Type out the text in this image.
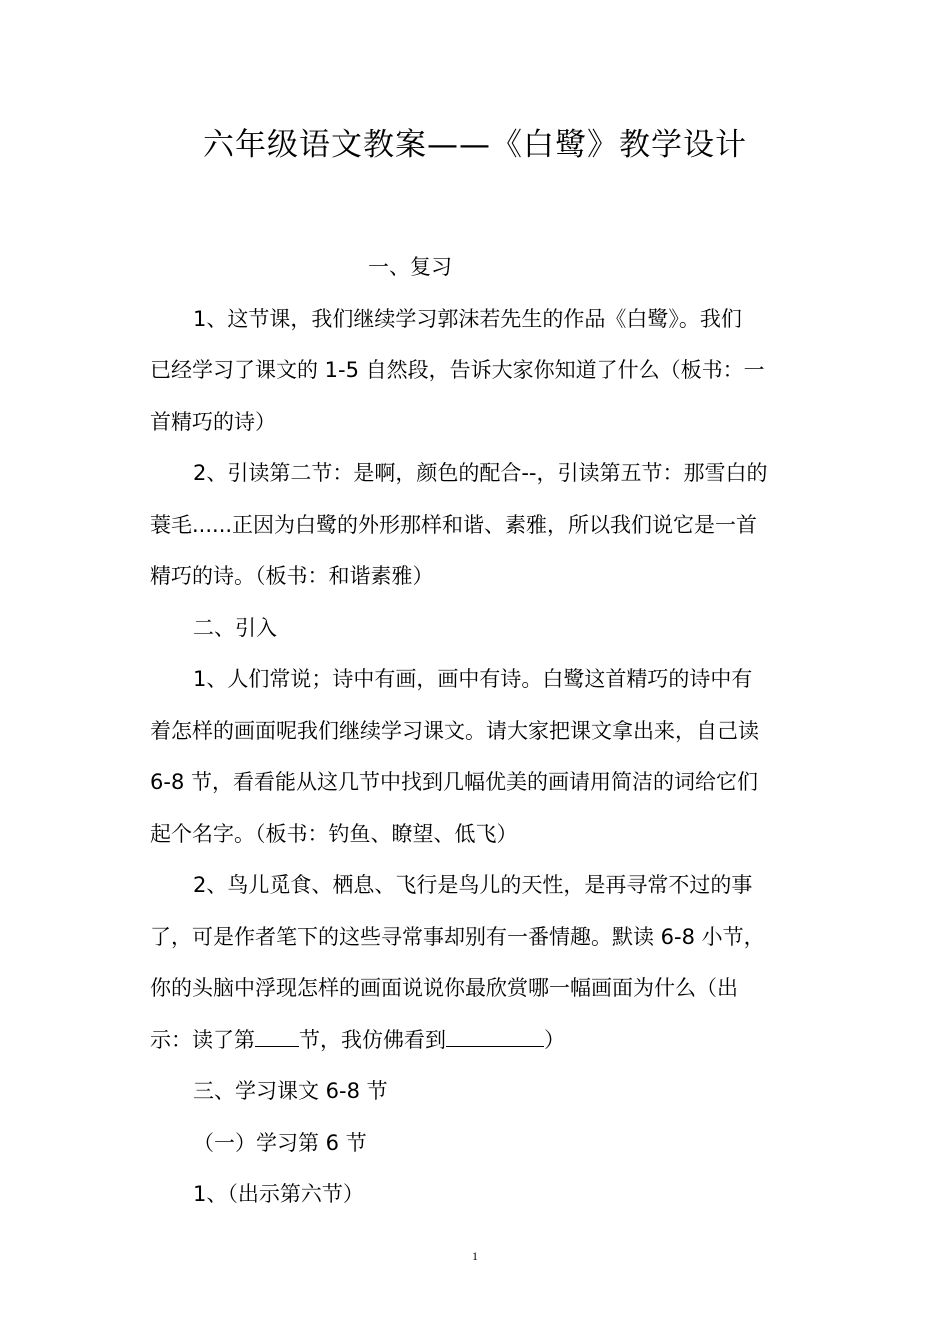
六年级语文教案——《白鹭》教学设计

一、复习

1、这节课，我们继续学习郭沫若先生的作品《白鹭》。我们
已经学习了课文的 1-5 自然段，告诉大家你知道了什么（板书：一
首精巧的诗）
2、引读第二节：是啊，颜色的配合--，引读第五节：那雪白的
蓑毛......正因为白鹭的外形那样和谐、素雅，所以我们说它是一首
精巧的诗。（板书：和谐素雅）

二、引入

1、人们常说；诗中有画，画中有诗。白鹭这首精巧的诗中有
着怎样的画面呢我们继续学习课文。请大家把课文拿出来，自己读
6-8 节，看看能从这几节中找到几幅优美的画请用简洁的词给它们
起个名字。（板书：钓鱼、瞭望、低飞）
2、鸟儿觅食、栖息、飞行是鸟儿的天性，是再寻常不过的事
了，可是作者笔下的这些寻常事却别有一番情趣。默读 6-8 小节，
你的头脑中浮现怎样的画面说说你最欣赏哪一幅画面为什么（出
示：读了第 节，我仿佛看到	）

三、学习课文 6-8 节

（一）学习第 6 节

1、（出示第六节）

1
